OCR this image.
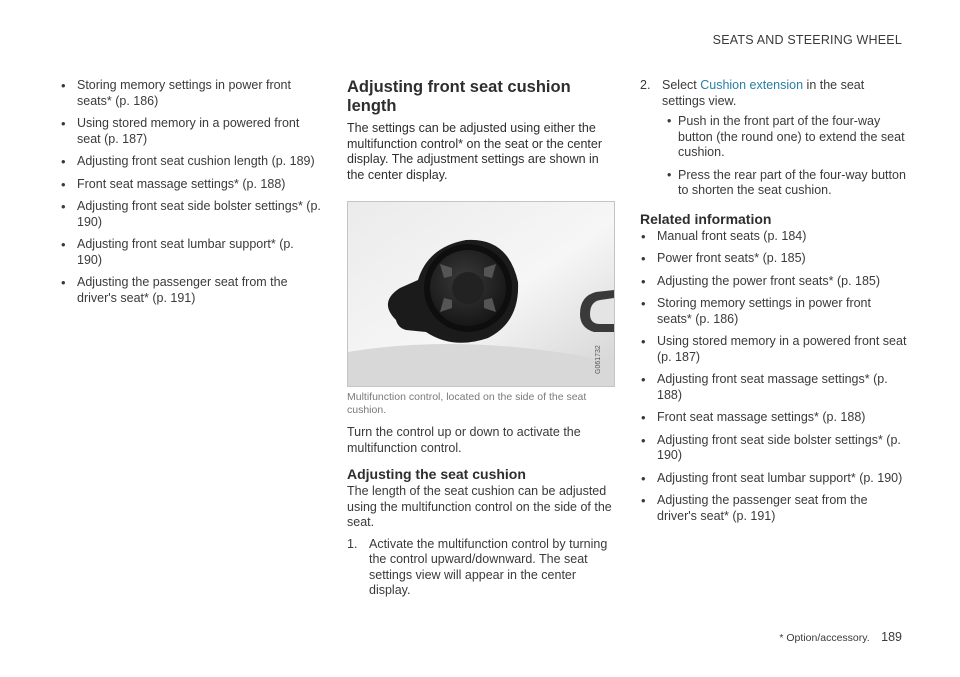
SEATS AND STEERING WHEEL
• Storing memory settings in power front seats* (p. 186)
• Using stored memory in a powered front seat (p. 187)
• Adjusting front seat cushion length (p. 189)
• Front seat massage settings* (p. 188)
• Adjusting front seat side bolster settings* (p. 190)
• Adjusting front seat lumbar support* (p. 190)
• Adjusting the passenger seat from the driver's seat* (p. 191)
Adjusting front seat cushion length

The settings can be adjusted using either the multifunction control* on the seat or the center display. The adjustment settings are shown in the center display.

G061732
Multifunction control, located on the side of the seat cushion.

Turn the control up or down to activate the multifunction control.

Adjusting the seat cushion

The length of the seat cushion can be adjusted using the multifunction control on the side of the seat.

1. Activate the multifunction control by turning the control upward/downward. The seat settings view will appear in the center display.
2. Select Cushion extension in the seat settings view.
• Push in the front part of the four-way button (the round one) to extend the seat cushion.
• Press the rear part of the four-way button to shorten the seat cushion.
Related information
• Manual front seats (p. 184)
• Power front seats* (p. 185)
• Adjusting the power front seats* (p. 185)
• Storing memory settings in power front seats* (p. 186)
• Using stored memory in a powered front seat (p. 187)
• Adjusting front seat massage settings* (p. 188)
• Front seat massage settings* (p. 188)
• Adjusting front seat side bolster settings* (p. 190)
• Adjusting front seat lumbar support* (p. 190)
• Adjusting the passenger seat from the driver's seat* (p. 191)
* Option/accessory. 189
